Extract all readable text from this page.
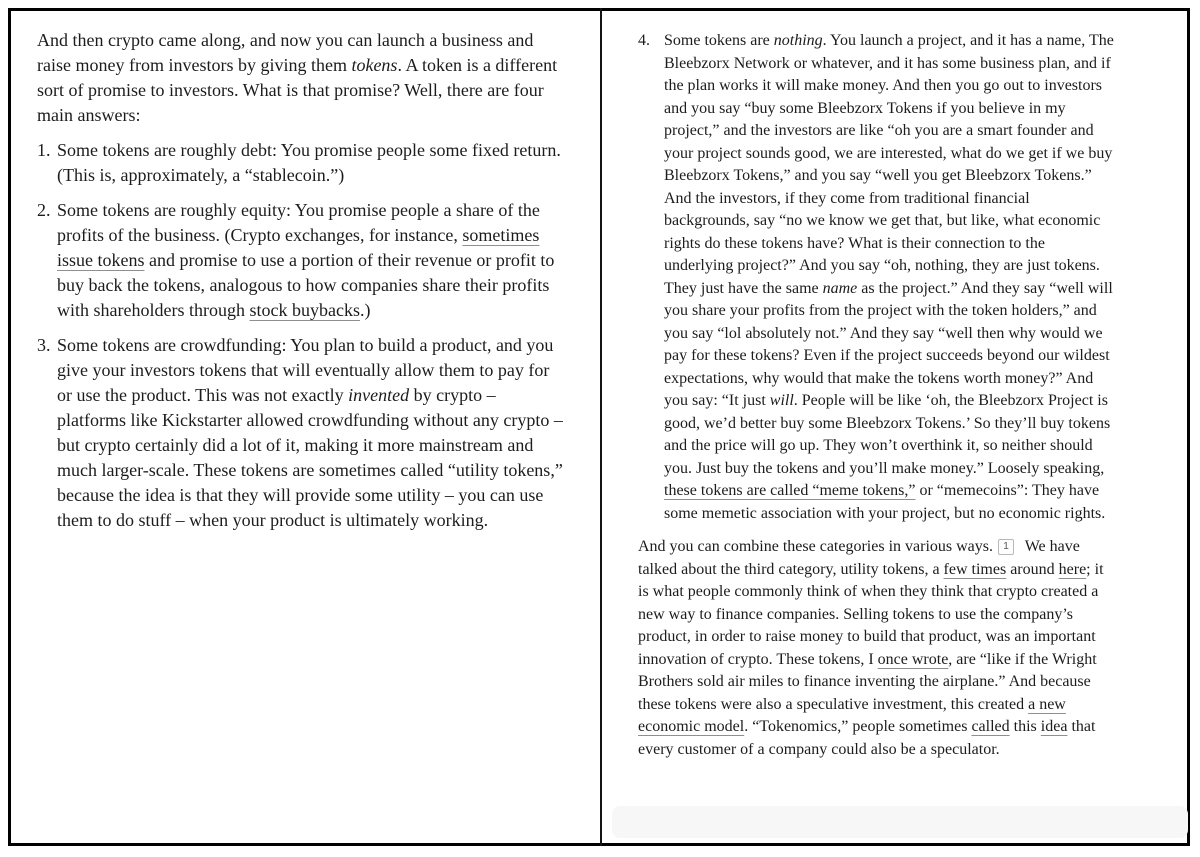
And then crypto came along, and now you can launch a business and raise money from investors by giving them tokens. A token is a different sort of promise to investors. What is that promise? Well, there are four main answers:

1. Some tokens are roughly debt: You promise people some fixed return. (This is, approximately, a “stablecoin.”)
2. Some tokens are roughly equity: You promise people a share of the profits of the business. (Crypto exchanges, for instance, sometimes issue tokens and promise to use a portion of their revenue or profit to buy back the tokens, analogous to how companies share their profits with shareholders through stock buybacks.)
3. Some tokens are crowdfunding: You plan to build a product, and you give your investors tokens that will eventually allow them to pay for or use the product. This was not exactly invented by crypto – platforms like Kickstarter allowed crowdfunding without any crypto – but crypto certainly did a lot of it, making it more mainstream and much larger-scale. These tokens are sometimes called “utility tokens,” because the idea is that they will provide some utility – you can use them to do stuff – when your product is ultimately working.
4. Some tokens are nothing. You launch a project, and it has a name, The Bleebzorx Network or whatever, and it has some business plan, and if the plan works it will make money. And then you go out to investors and you say “buy some Bleebzorx Tokens if you believe in my project,” and the investors are like “oh you are a smart founder and your project sounds good, we are interested, what do we get if we buy Bleebzorx Tokens,” and you say “well you get Bleebzorx Tokens.” And the investors, if they come from traditional financial backgrounds, say “no we know we get that, but like, what economic rights do these tokens have? What is their connection to the underlying project?” And you say “oh, nothing, they are just tokens. They just have the same name as the project.” And they say “well will you share your profits from the project with the token holders,” and you say “lol absolutely not.” And they say “well then why would we pay for these tokens? Even if the project succeeds beyond our wildest expectations, why would that make the tokens worth money?” And you say: “It just will. People will be like ‘oh, the Bleebzorx Project is good, we’d better buy some Bleebzorx Tokens.’ So they’ll buy tokens and the price will go up. They won’t overthink it, so neither should you. Just buy the tokens and you’ll make money.” Loosely speaking, these tokens are called “meme tokens,” or “memecoins”: They have some memetic association with your project, but no economic rights.

And you can combine these categories in various ways. 1 We have talked about the third category, utility tokens, a few times around here; it is what people commonly think of when they think that crypto created a new way to finance companies. Selling tokens to use the company’s product, in order to raise money to build that product, was an important innovation of crypto. These tokens, I once wrote, are “like if the Wright Brothers sold air miles to finance inventing the airplane.” And because these tokens were also a speculative investment, this created a new economic model. “Tokenomics,” people sometimes called this idea that every customer of a company could also be a speculator.
